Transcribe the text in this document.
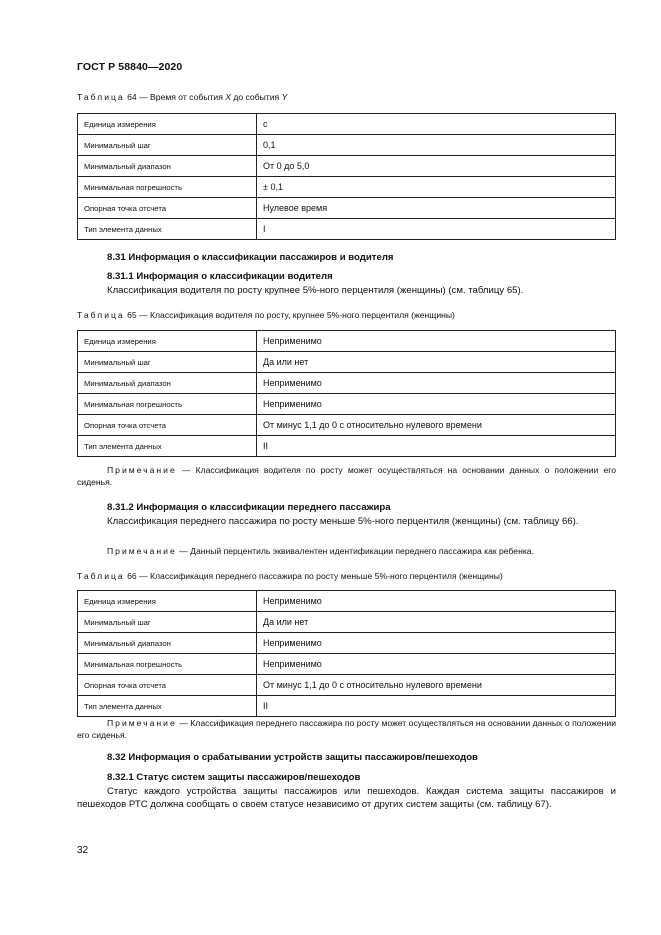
ГОСТ Р 58840—2020
Таблица 64 — Время от события X до события Y
Единица измерения	с
Минимальный шаг	0,1
Минимальный диапазон	От 0 до 5,0
Минимальная погрешность	± 0,1
Опорная точка отсчета	Нулевое время
Тип элемента данных	I
8.31 Информация о классификации пассажиров и водителя
8.31.1 Информация о классификации водителя
Классификация водителя по росту крупнее 5%-ного перцентиля (женщины) (см. таблицу 65).
Таблица 65 — Классификация водителя по росту, крупнее 5%-ного перцентиля (женщины)
Единица измерения	Неприменимо
Минимальный шаг	Да или нет
Минимальный диапазон	Неприменимо
Минимальная погрешность	Неприменимо
Опорная точка отсчета	От минус 1,1 до 0 с относительно нулевого времени
Тип элемента данных	II
Примечание — Классификация водителя по росту может осуществляться на основании данных о положении его сиденья.
8.31.2 Информация о классификации переднего пассажира
Классификация переднего пассажира по росту меньше 5%-ного перцентиля (женщины) (см. таблицу 66).
Примечание — Данный перцентиль эквивалентен идентификации переднего пассажира как ребенка.
Таблица 66 — Классификация переднего пассажира по росту меньше 5%-ного перцентиля (женщины)
Единица измерения	Неприменимо
Минимальный шаг	Да или нет
Минимальный диапазон	Неприменимо
Минимальная погрешность	Неприменимо
Опорная точка отсчета	От минус 1,1 до 0 с относительно нулевого времени
Тип элемента данных	II
Примечание — Классификация переднего пассажира по росту может осуществляться на основании данных о положении его сиденья.
8.32 Информация о срабатывании устройств защиты пассажиров/пешеходов
8.32.1 Статус систем защиты пассажиров/пешеходов
Статус каждого устройства защиты пассажиров или пешеходов. Каждая система защиты пассажиров и пешеходов РТС должна сообщать о своем статусе независимо от других систем защиты (см. таблицу 67).
32
